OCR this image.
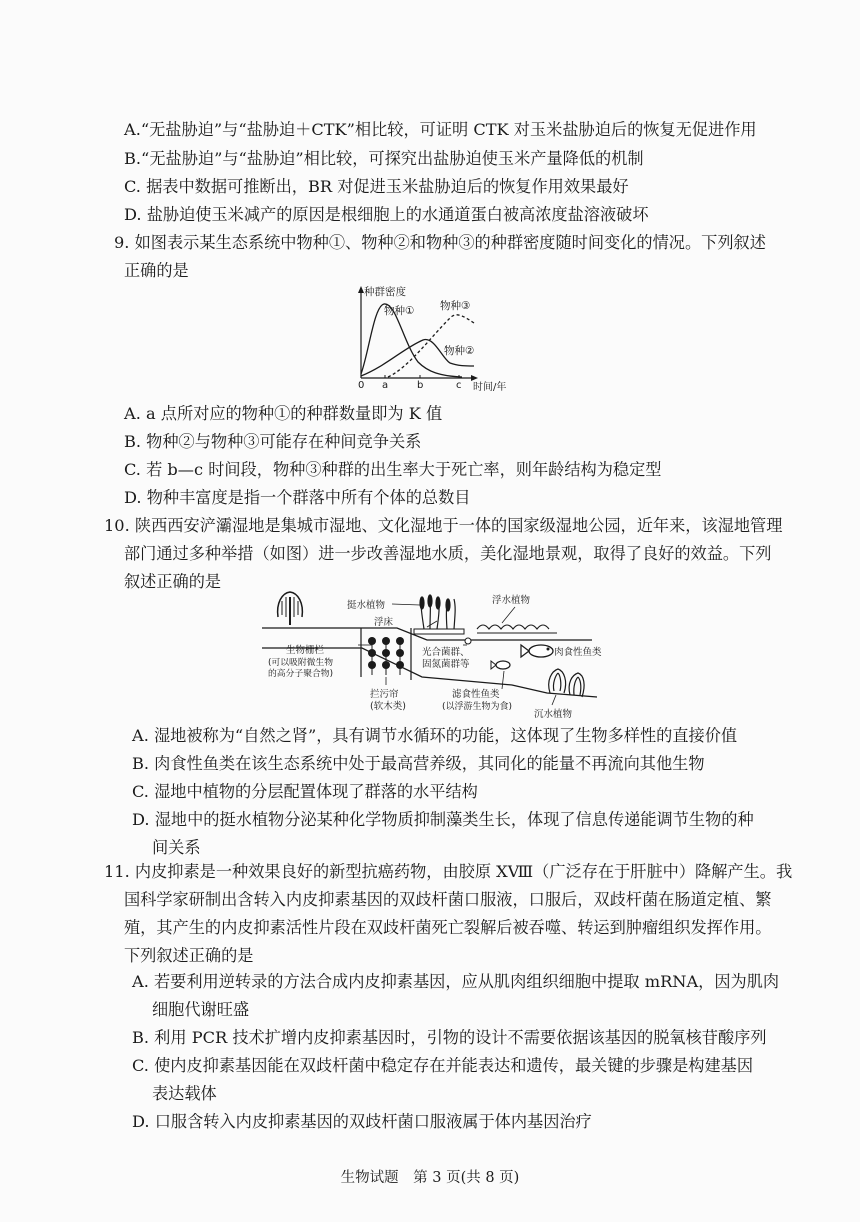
A.“无盐胁迫”与“盐胁迫＋CTK”相比较，可证明 CTK 对玉米盐胁迫后的恢复无促进作用
B.“无盐胁迫”与“盐胁迫”相比较，可探究出盐胁迫使玉米产量降低的机制
C. 据表中数据可推断出，BR 对促进玉米盐胁迫后的恢复作用效果最好
D. 盐胁迫使玉米减产的原因是根细胞上的水通道蛋白被高浓度盐溶液破坏
9. 如图表示某生态系统中物种①、物种②和物种③的种群密度随时间变化的情况。下列叙述
正确的是
种群密度
物种① 物种③
物种②
0 a	b	c 时间/年
A. a 点所对应的物种①的种群数量即为 K 值
B. 物种②与物种③可能存在种间竞争关系
C. 若 b—c 时间段，物种③种群的出生率大于死亡率，则年龄结构为稳定型
D. 物种丰富度是指一个群落中所有个体的总数目
10. 陕西西安浐灞湿地是集城市湿地、文化湿地于一体的国家级湿地公园，近年来，该湿地管理
部门通过多种举措（如图）进一步改善湿地水质，美化湿地景观，取得了良好的效益。下列
叙述正确的是
挺水植物	浮水植物
浮床
生物栅栏
(可以吸附微生物
的高分子聚合物)
光合菌群、
固氮菌群等
肉食性鱼类
拦污帘
(软木类)
滤食性鱼类
(以浮游生物为食)
沉水植物
A. 湿地被称为“自然之肾”，具有调节水循环的功能，这体现了生物多样性的直接价值
B. 肉食性鱼类在该生态系统中处于最高营养级，其同化的能量不再流向其他生物
C. 湿地中植物的分层配置体现了群落的水平结构
D. 湿地中的挺水植物分泌某种化学物质抑制藻类生长，体现了信息传递能调节生物的种
间关系
11. 内皮抑素是一种效果良好的新型抗癌药物，由胶原 XⅧ（广泛存在于肝脏中）降解产生。我
国科学家研制出含转入内皮抑素基因的双歧杆菌口服液，口服后，双歧杆菌在肠道定植、繁
殖，其产生的内皮抑素活性片段在双歧杆菌死亡裂解后被吞噬、转运到肿瘤组织发挥作用。
下列叙述正确的是
A. 若要利用逆转录的方法合成内皮抑素基因，应从肌肉组织细胞中提取 mRNA，因为肌肉
细胞代谢旺盛
B. 利用 PCR 技术扩增内皮抑素基因时，引物的设计不需要依据该基因的脱氧核苷酸序列
C. 使内皮抑素基因能在双歧杆菌中稳定存在并能表达和遗传，最关键的步骤是构建基因
表达载体
D. 口服含转入内皮抑素基因的双歧杆菌口服液属于体内基因治疗
生物试题　第 3 页(共 8 页)
